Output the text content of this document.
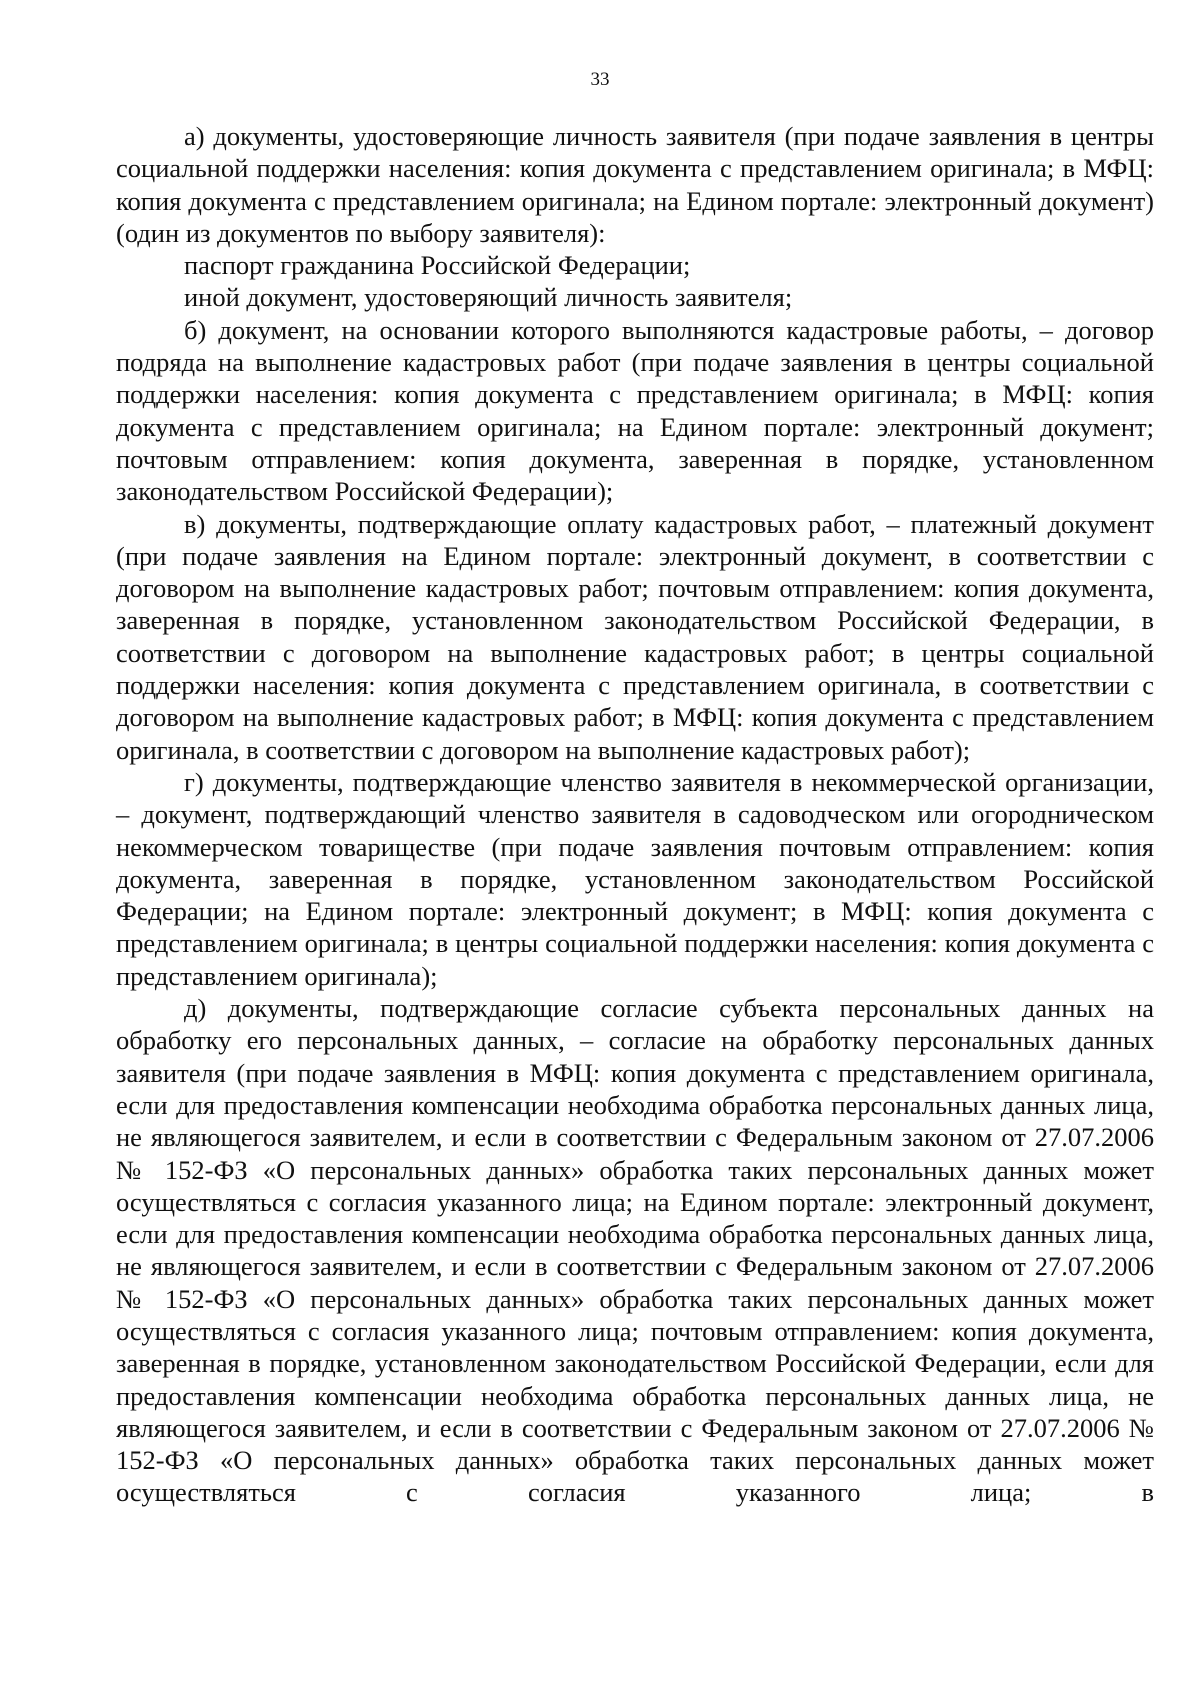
33

а) документы, удостоверяющие личность заявителя (при подаче заявления в центры социальной поддержки населения: копия документа с представлением оригинала; в МФЦ: копия документа с представлением оригинала; на Едином портале: электронный документ) (один из документов по выбору заявителя):

паспорт гражданина Российской Федерации;

иной документ, удостоверяющий личность заявителя;

б) документ, на основании которого выполняются кадастровые работы, – договор подряда на выполнение кадастровых работ (при подаче заявления в центры социальной поддержки населения: копия документа с представлением оригинала; в МФЦ: копия документа с представлением оригинала; на Едином портале: электронный документ; почтовым отправлением: копия документа, заверенная в порядке, установленном законодательством Российской Федерации);

в) документы, подтверждающие оплату кадастровых работ, – платежный документ (при подаче заявления на Едином портале: электронный документ, в соответствии с договором на выполнение кадастровых работ; почтовым отправлением: копия документа, заверенная в порядке, установленном законодательством Российской Федерации, в соответствии с договором на выполнение кадастровых работ; в центры социальной поддержки населения: копия документа с представлением оригинала, в соответствии с договором на выполнение кадастровых работ; в МФЦ: копия документа с представлением оригинала, в соответствии с договором на выполнение кадастровых работ);

г) документы, подтверждающие членство заявителя в некоммерческой организации, – документ, подтверждающий членство заявителя в садоводческом или огородническом некоммерческом товариществе (при подаче заявления почтовым отправлением: копия документа, заверенная в порядке, установленном законодательством Российской Федерации; на Едином портале: электронный документ; в МФЦ: копия документа с представлением оригинала; в центры социальной поддержки населения: копия документа с представлением оригинала);

д) документы, подтверждающие согласие субъекта персональных данных на обработку его персональных данных, – согласие на обработку персональных данных заявителя (при подаче заявления в МФЦ: копия документа с представлением оригинала, если для предоставления компенсации необходима обработка персональных данных лица, не являющегося заявителем, и если в соответствии с Федеральным законом от 27.07.2006 № 152-ФЗ «О персональных данных» обработка таких персональных данных может осуществляться с согласия указанного лица; на Едином портале: электронный документ, если для предоставления компенсации необходима обработка персональных данных лица, не являющегося заявителем, и если в соответствии с Федеральным законом от 27.07.2006 № 152-ФЗ «О персональных данных» обработка таких персональных данных может осуществляться с согласия указанного лица; почтовым отправлением: копия документа, заверенная в порядке, установленном законодательством Российской Федерации, если для предоставления компенсации необходима обработка персональных данных лица, не являющегося заявителем, и если в соответствии с Федеральным законом от 27.07.2006 № 152-ФЗ «О персональных данных» обработка таких персональных данных может осуществляться с согласия указанного лица; в
